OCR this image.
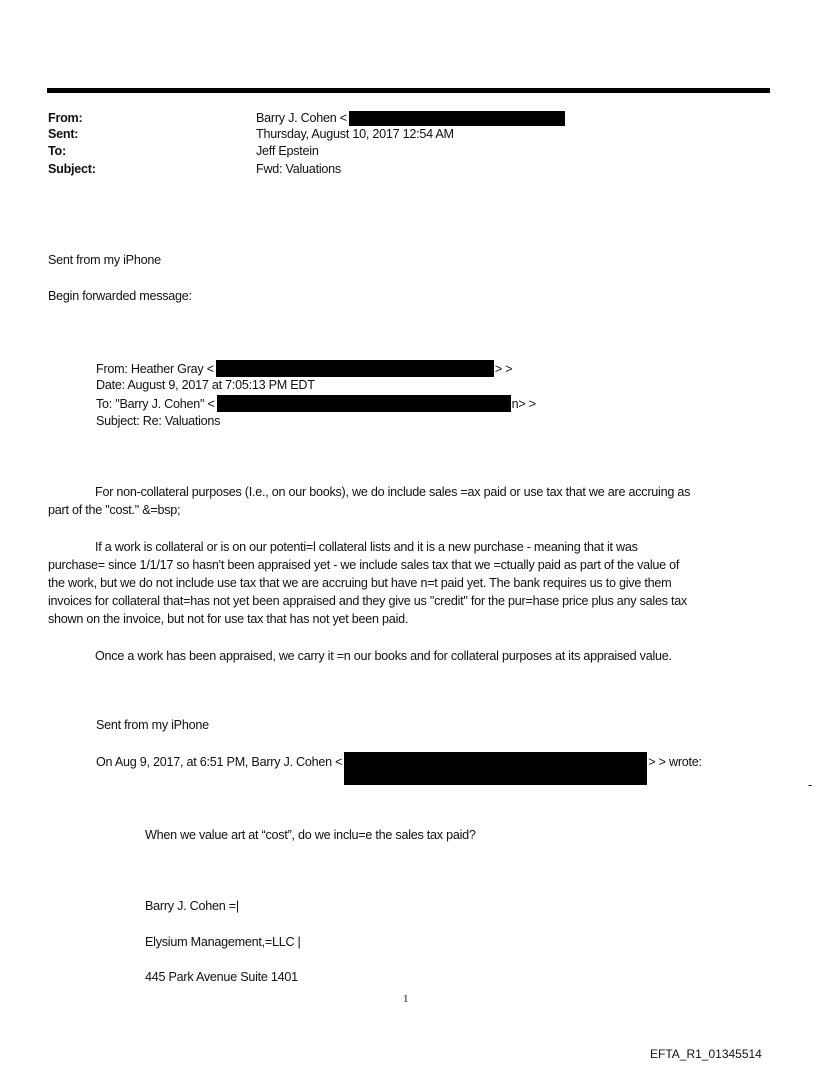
From:	Barry J. Cohen <
Sent:	Thursday, August 10, 2017 12:54 AM
To:	Jeff Epstein
Subject:	Fwd: Valuations
Sent from my iPhone
Begin forwarded message:
From: Heather Gray <	> >
Date: August 9, 2017 at 7:05:13 PM EDT
To: "Barry J. Cohen" <	n> >
Subject: Re: Valuations
For non-collateral purposes (I.e., on our books), we do include sales =ax paid or use tax that we are accruing as
part of the "cost." &=bsp;
If a work is collateral or is on our potenti=l collateral lists and it is a new purchase - meaning that it was
purchase= since 1/1/17 so hasn't been appraised yet - we include sales tax that we =ctually paid as part of the value of
the work, but we do not include use tax that we are accruing but have n=t paid yet. The bank requires us to give them
invoices for collateral that=has not yet been appraised and they give us "credit" for the pur=hase price plus any sales tax
shown on the invoice, but not for use tax that has not yet been paid.
Once a work has been appraised, we carry it =n our books and for collateral purposes at its appraised value.
Sent from my iPhone
On Aug 9, 2017, at 6:51 PM, Barry J. Cohen <	> > wrote:
-
When we value art at “cost”, do we inclu=e the sales tax paid?
Barry J. Cohen =|
Elysium Management,=LLC |
445 Park Avenue Suite 1401
1
EFTA_R1_01345514
